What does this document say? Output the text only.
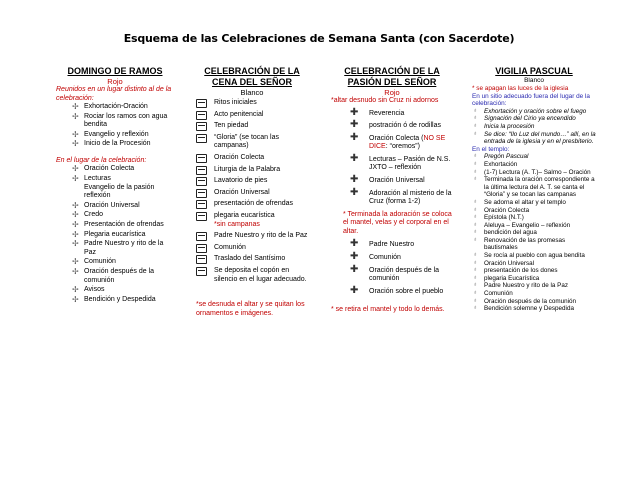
Esquema de las Celebraciones de Semana Santa (con Sacerdote)
DOMINGO DE RAMOS
Rojo
Reunidos en un lugar distinto al de la celebración:
✢ Exhortación-Oración
✢ Rociar los ramos con agua bendita
✢ Evangelio y reflexión
✢ Inicio de la Procesión
En el lugar de la celebración:
✢ Oración Colecta
✢ Lecturas
Evangelio de la pasión
reflexión
✢ Oración Universal
✢ Credo
✢ Presentación de ofrendas
✢ Plegaria eucarística
✢ Padre Nuestro y rito de la Paz
✢ Comunión
✢ Oración después de la comunión
✢ Avisos
✢ Bendición y Despedida
CELEBRACIÓN DE LA CENA DEL SEÑOR
Blanco
Ritos iniciales
Acto penitencial
Ten piedad
“Gloria” (se tocan las campanas)
Oración Colecta
Liturgia de la Palabra
Lavatorio de pies
Oración Universal
presentación de ofrendas
plegaria eucarística
*sin campanas
Padre Nuestro y rito de la Paz
Comunión
Traslado del Santísimo
Se deposita el copón en silencio en el lugar adecuado.
*se desnuda el altar y se quitan los ornamentos e imágenes.
CELEBRACIÓN DE LA PASIÓN DEL SEÑOR
Rojo
*altar desnudo sin Cruz ni adornos
✚ Reverencia
✚ postración ó de rodillas
✚ Oración Colecta (NO SE DICE: “oremos”)
✚ Lecturas – Pasión de N.S. JXTO – reflexión
✚ Oración Universal
✚ Adoración al misterio de la Cruz (forma 1-2)
* Terminada la adoración se coloca el mantel, velas y el corporal en el altar.
✚ Padre Nuestro
✚ Comunión
✚ Oración después de la comunión
✚ Oración sobre el pueblo
* se retira el mantel y todo lo demás.
VIGILIA PASCUAL
Blanco
* se apagan las luces de la iglesia
En un sitio adecuado fuera del lugar de la celebración:
♁ Exhortación y oración sobre el fuego
♁ Signación del Cirio ya encendido
♁ Inicia la procesión
♁ Se dice: “Ilo Luz del mundo…” allí, en la entrada de la iglesia y en el presbiterio.
En el templo:
♁ Pregón Pascual
♁ Exhortación
♁ (1-7) Lectura (A. T.)– Salmo – Oración
♁ Terminada la oración correspondiente a la última lectura del A. T. se canta el “Gloria” y se tocan las campanas
♁ Se adorna el altar y el templo
♁ Oración Colecta
♁ Epístola (N.T.)
♁ Aleluya – Evangelio – reflexión
♁ bendición del agua
♁ Renovación de las promesas bautismales
♁ Se rocía al pueblo con agua bendita
♁ Oración Universal
♁ presentación de los dones
♁ plegaria Eucarística
♁ Padre Nuestro y rito de la Paz
♁ Comunión
♁ Oración después de la comunión
♁ Bendición solemne y Despedida
